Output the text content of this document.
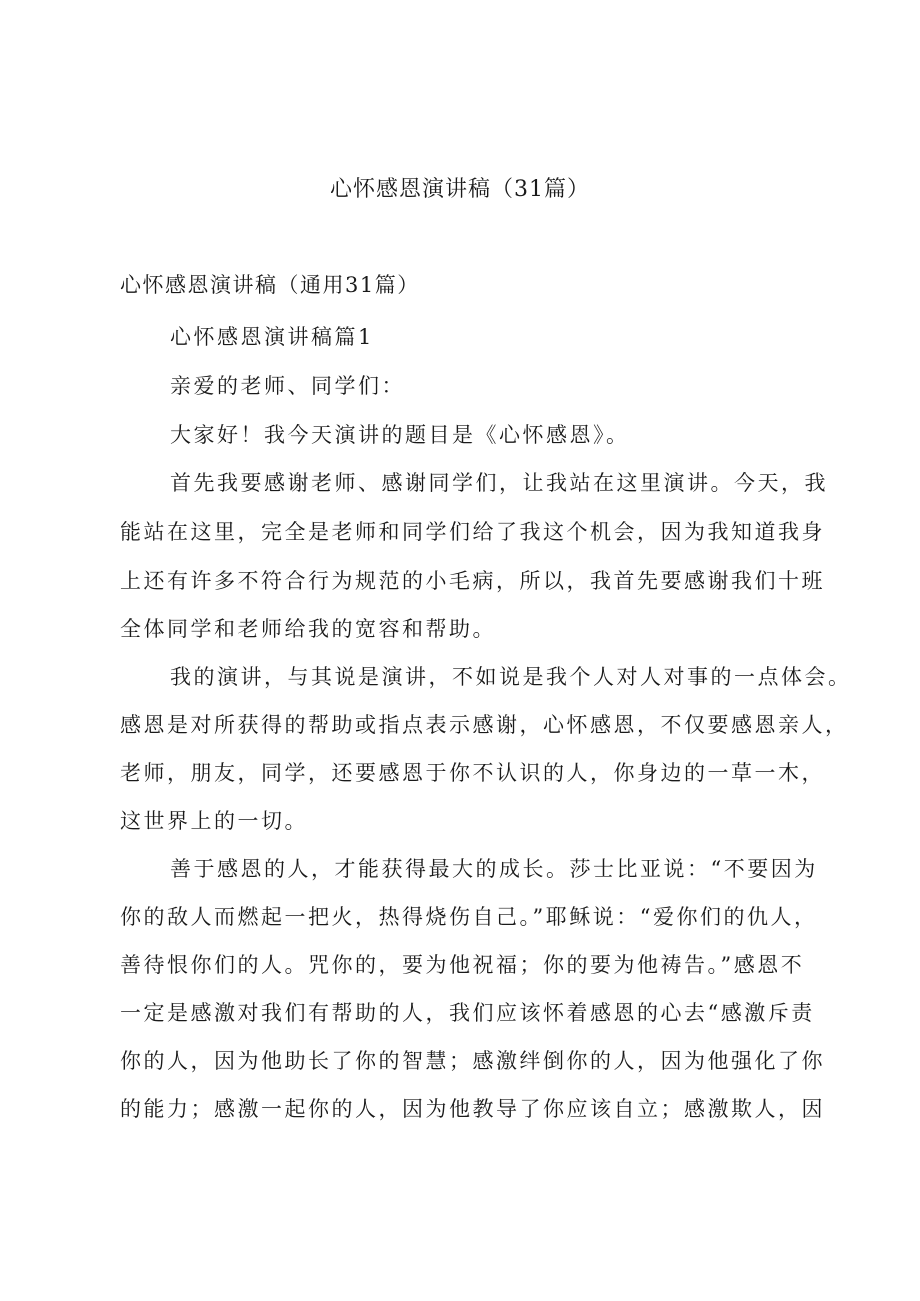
心怀感恩演讲稿（31篇）
心怀感恩演讲稿（通用31篇）
心怀感恩演讲稿篇1
亲爱的老师、同学们：
大家好！我今天演讲的题目是《心怀感恩》。
首先我要感谢老师、感谢同学们，让我站在这里演讲。今天，我
能站在这里，完全是老师和同学们给了我这个机会，因为我知道我身
上还有许多不符合行为规范的小毛病，所以，我首先要感谢我们十班
全体同学和老师给我的宽容和帮助。
我的演讲，与其说是演讲，不如说是我个人对人对事的一点体会。
感恩是对所获得的帮助或指点表示感谢，心怀感恩，不仅要感恩亲人，
老师，朋友，同学，还要感恩于你不认识的人，你身边的一草一木，
这世界上的一切。
善于感恩的人，才能获得最大的成长。莎士比亚说：“不要因为
你的敌人而燃起一把火，热得烧伤自己。”耶稣说：“爱你们的仇人，
善待恨你们的人。咒你的，要为他祝福；你的要为他祷告。”感恩不
一定是感激对我们有帮助的人，我们应该怀着感恩的心去“感激斥责
你的人，因为他助长了你的智慧；感激绊倒你的人，因为他强化了你
的能力；感激一起你的人，因为他教导了你应该自立；感激欺人，因
